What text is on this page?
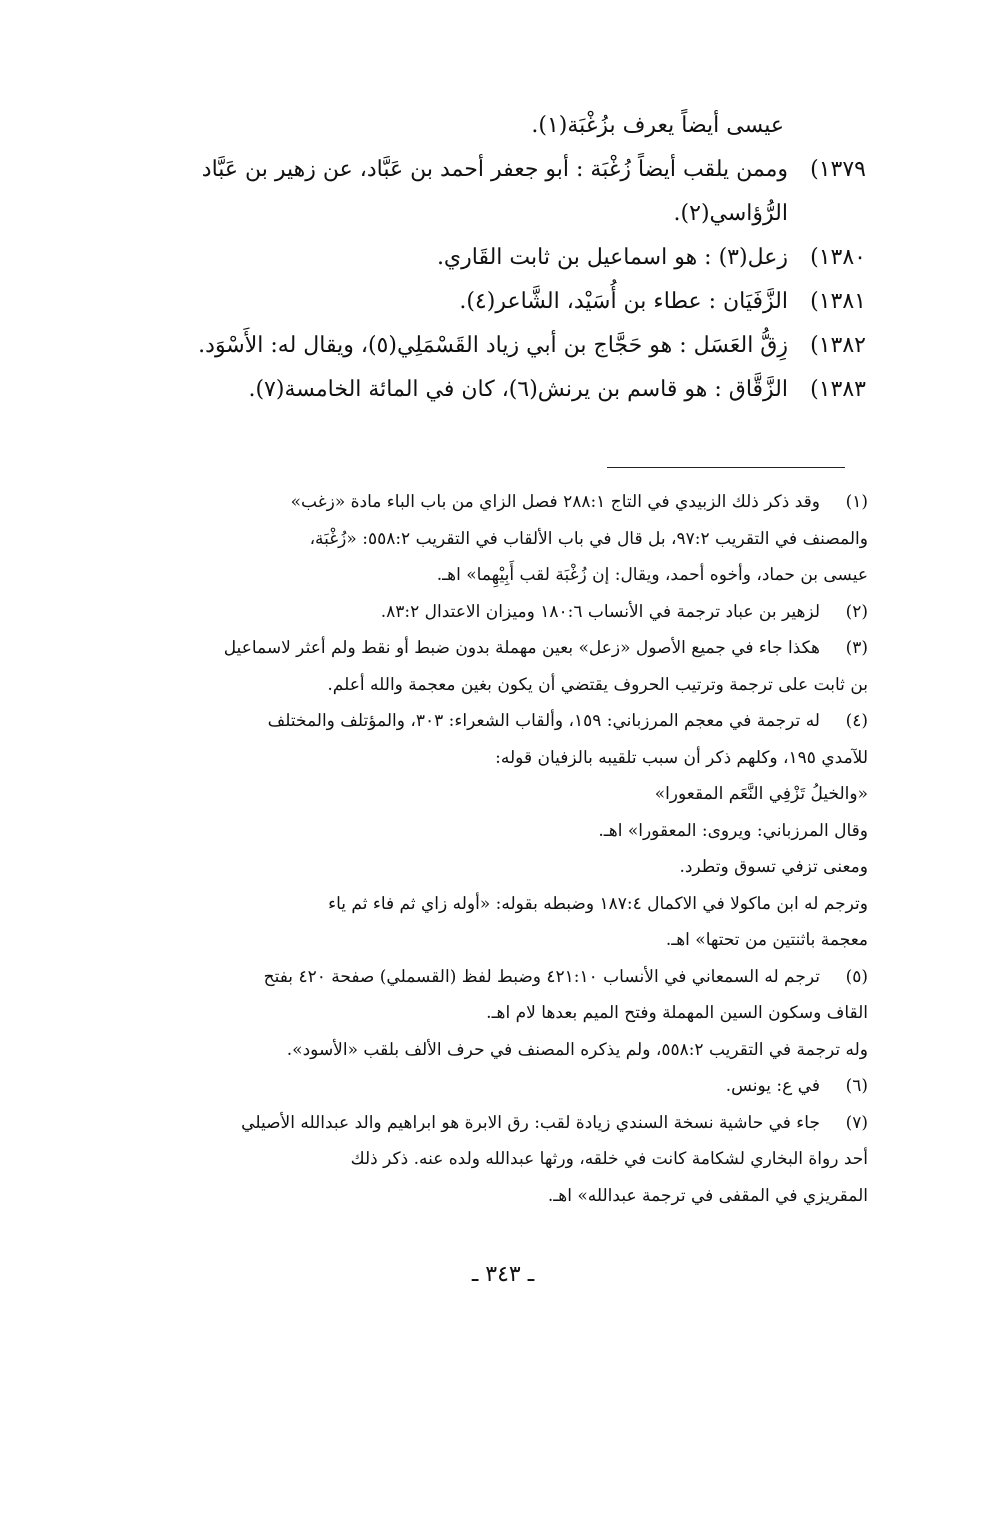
عيسى أيضاً يعرف بزُغْبَة(١).
١٣٧٩)وممن يلقب أيضاً زُغْبَة : أبو جعفر أحمد بن عَبَّاد، عن زهير بن عَبَّاد
الرُّؤاسي(٢).
١٣٨٠)زعل(٣) : هو اسماعيل بن ثابت القَاري.
١٣٨١)الزَّفَيَان : عطاء بن أُسَيْد، الشَّاعر(٤).
١٣٨٢)زِقُّ العَسَل : هو حَجَّاج بن أبي زياد القَسْمَلِي(٥)، ويقال له: الأَسْوَد.
١٣٨٣)الزَّقَّاق : هو قاسم بن يرنش(٦)، كان في المائة الخامسة(٧).
(١)وقد ذكر ذلك الزبيدي في التاج ٢٨٨:١ فصل الزاي من باب الباء مادة «زغب»
والمصنف في التقريب ٩٧:٢، بل قال في باب الألقاب في التقريب ٥٥٨:٢: «زُغْبَة،
عيسى بن حماد، وأخوه أحمد، ويقال: إن زُغْبَة لقب أَبِيْهِما» اهـ.
(٢)لزهير بن عباد ترجمة في الأنساب ١٨٠:٦ وميزان الاعتدال ٨٣:٢.
(٣)هكذا جاء في جميع الأصول «زعل» بعين مهملة بدون ضبط أو نقط ولم أعثر لاسماعيل
بن ثابت على ترجمة وترتيب الحروف يقتضي أن يكون بغين معجمة والله أعلم.
(٤)له ترجمة في معجم المرزباني: ١٥٩، وألقاب الشعراء: ٣٠٣، والمؤتلف والمختلف
للآمدي ١٩٥، وكلهم ذكر أن سبب تلقيبه بالزفيان قوله:
«والخيلُ تَزْفِي النَّعَم المقعورا»
وقال المرزباني: ويروى: المعقورا» اهـ.
ومعنى تزفي تسوق وتطرد.
وترجم له ابن ماكولا في الاكمال ١٨٧:٤ وضبطه بقوله: «أوله زاي ثم فاء ثم ياء
معجمة باثنتين من تحتها» اهـ.
(٥)ترجم له السمعاني في الأنساب ٤٢١:١٠ وضبط لفظ (القسملي) صفحة ٤٢٠ بفتح
القاف وسكون السين المهملة وفتح الميم بعدها لام اهـ.
وله ترجمة في التقريب ٥٥٨:٢، ولم يذكره المصنف في حرف الألف بلقب «الأسود».
(٦)في ع: يونس.
(٧)جاء في حاشية نسخة السندي زيادة لقب: رق الابرة هو ابراهيم والد عبدالله الأصيلي
أحد رواة البخاري لشكامة كانت في خلقه، ورثها عبدالله ولده عنه. ذكر ذلك
المقريزي في المقفى في ترجمة عبدالله» اهـ.
ـ ٣٤٣ ـ
